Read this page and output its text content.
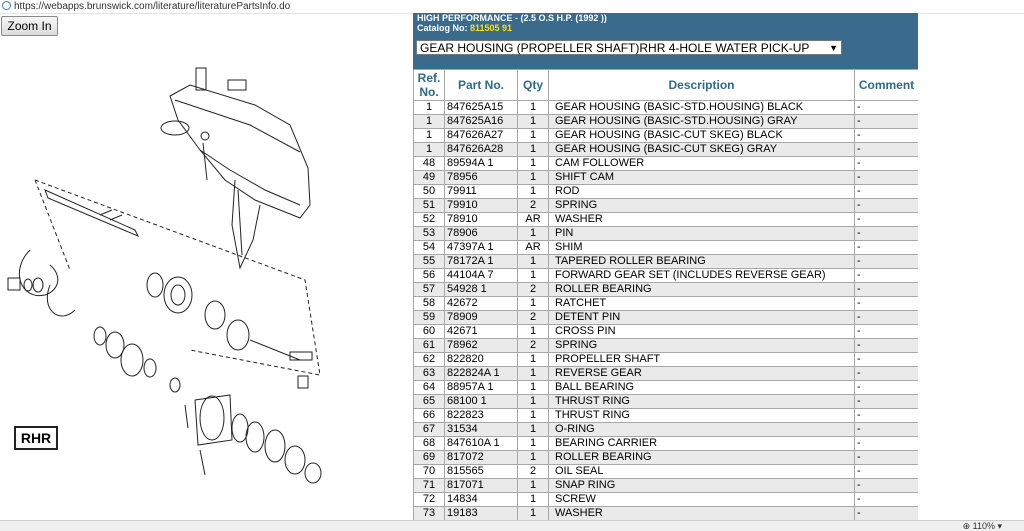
https://webapps.brunswick.com/literature/literaturePartsInfo.do
Zoom In
RHR
HIGH PERFORMANCE - (2.5 O.S H.P. (1992 ))
Catalog No: 811505 91
GEAR HOUSING (PROPELLER SHAFT)RHR 4-HOLE WATER PICK-UP ▼
Ref. No.	Part No.	Qty	Description	Comment
1	847625A15	1	GEAR HOUSING (BASIC-STD.HOUSING) BLACK	-
1	847625A16	1	GEAR HOUSING (BASIC-STD.HOUSING) GRAY	-
1	847626A27	1	GEAR HOUSING (BASIC-CUT SKEG) BLACK	-
1	847626A28	1	GEAR HOUSING (BASIC-CUT SKEG) GRAY	-
48	89594A 1	1	CAM FOLLOWER	-
49	78956	1	SHIFT CAM	-
50	79911	1	ROD	-
51	79910	2	SPRING	-
52	78910	AR	WASHER	-
53	78906	1	PIN	-
54	47397A 1	AR	SHIM	-
55	78172A 1	1	TAPERED ROLLER BEARING	-
56	44104A 7	1	FORWARD GEAR SET (INCLUDES REVERSE GEAR)	-
57	54928 1	2	ROLLER BEARING	-
58	42672	1	RATCHET	-
59	78909	2	DETENT PIN	-
60	42671	1	CROSS PIN	-
61	78962	2	SPRING	-
62	822820	1	PROPELLER SHAFT	-
63	822824A 1	1	REVERSE GEAR	-
64	88957A 1	1	BALL BEARING	-
65	68100 1	1	THRUST RING	-
66	822823	1	THRUST RING	-
67	31534	1	O-RING	-
68	847610A 1	1	BEARING CARRIER	-
69	817072	1	ROLLER BEARING	-
70	815565	2	OIL SEAL	-
71	817071	1	SNAP RING	-
72	14834	1	SCREW	-
73	19183	1	WASHER	-
⊕ 110% ▾
